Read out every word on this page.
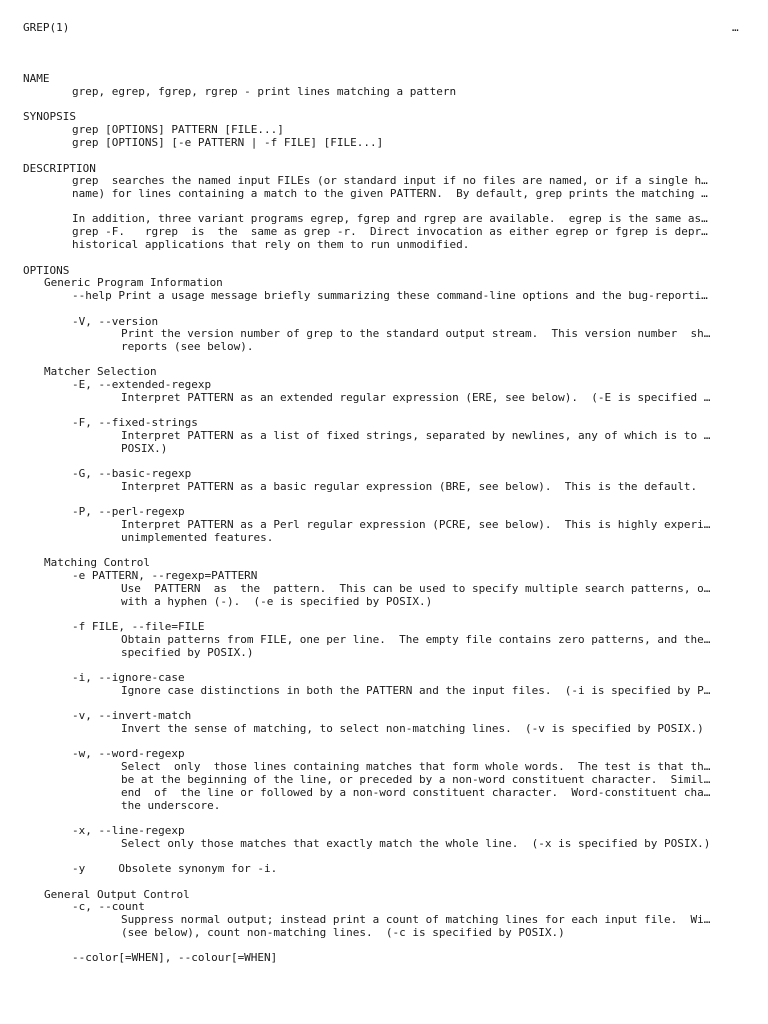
GREP(1)	…
NAME
grep, egrep, fgrep, rgrep - print lines matching a pattern
SYNOPSIS
grep [OPTIONS] PATTERN [FILE...]
grep [OPTIONS] [-e PATTERN | -f FILE] [FILE...]
DESCRIPTION
grep  searches the named input FILEs (or standard input if no files are named, or if a single h…
name) for lines containing a match to the given PATTERN.  By default, grep prints the matching …
In addition, three variant programs egrep, fgrep and rgrep are available.  egrep is the same as…
grep -F.   rgrep  is  the  same as grep -r.  Direct invocation as either egrep or fgrep is depr…
historical applications that rely on them to run unmodified.
OPTIONS
Generic Program Information
--help Print a usage message briefly summarizing these command-line options and the bug-reporti…
-V, --version
Print the version number of grep to the standard output stream.  This version number  sh…
reports (see below).
Matcher Selection
-E, --extended-regexp
Interpret PATTERN as an extended regular expression (ERE, see below).  (-E is specified …
-F, --fixed-strings
Interpret PATTERN as a list of fixed strings, separated by newlines, any of which is to …
POSIX.)
-G, --basic-regexp
Interpret PATTERN as a basic regular expression (BRE, see below).  This is the default.
-P, --perl-regexp
Interpret PATTERN as a Perl regular expression (PCRE, see below).  This is highly experi…
unimplemented features.
Matching Control
-e PATTERN, --regexp=PATTERN
Use  PATTERN  as  the  pattern.  This can be used to specify multiple search patterns, o…
with a hyphen (-).  (-e is specified by POSIX.)
-f FILE, --file=FILE
Obtain patterns from FILE, one per line.  The empty file contains zero patterns, and the…
specified by POSIX.)
-i, --ignore-case
Ignore case distinctions in both the PATTERN and the input files.  (-i is specified by P…
-v, --invert-match
Invert the sense of matching, to select non-matching lines.  (-v is specified by POSIX.)
-w, --word-regexp
Select  only  those lines containing matches that form whole words.  The test is that th…
be at the beginning of the line, or preceded by a non-word constituent character.  Simil…
end  of  the line or followed by a non-word constituent character.  Word-constituent cha…
the underscore.
-x, --line-regexp
Select only those matches that exactly match the whole line.  (-x is specified by POSIX.)
-y     Obsolete synonym for -i.
General Output Control
-c, --count
Suppress normal output; instead print a count of matching lines for each input file.  Wi…
(see below), count non-matching lines.  (-c is specified by POSIX.)
--color[=WHEN], --colour[=WHEN]
